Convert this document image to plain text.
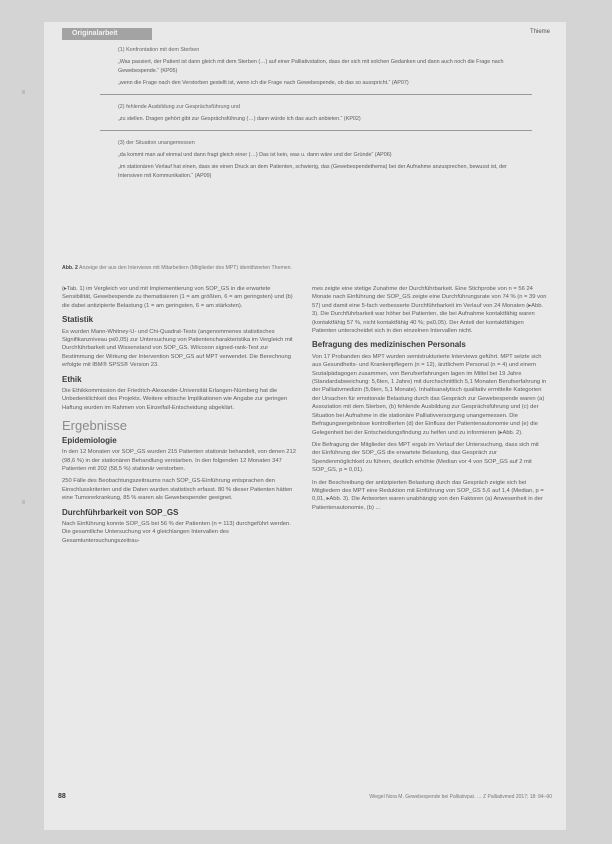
Originalarbeit	Thieme
(1) Konfrontation mit dem Sterben
„Was passiert, der Patient ist dann gleich mit dem Sterben (…) auf einer Palliativstation, dass der sich mit solchen Gedanken und dann auch noch die Frage nach Gewebespende.“ (KP05)
„wenn die Frage nach den Verstorben gestellt ist, wenn ich die Frage nach Gewebespende, ob das so ausspricht.“ (AP07)
(2) fehlende Ausbildung zur Gesprächsführung und
„zu stellen. Dragen gehört gibt zur Gesprächsführung (…) dann würde ich das auch anbieten.“ (KP02)
(3) der Situation unangemessen
„da kommt man auf einmal und dann fragt gleich einer (…) Das ist kein, was u. dann wäre und der Gründe“ (AP06)
„im stationären Verlauf hat einen, dass sie einen Druck an dem Patienten, schwierig, das (Gewebespendethema) bei der Aufnahme anzusprechen, bewusst ist, der Intensiven mit Kommunikation.“ (AP09)
Abb. 2 Anzeige der aus den Interviews mit Mitarbeitern (Mitglieder des MPT) identifizierten Themen.

(▸Tab. 1) im Vergleich vor und mit Implementierung von SOP_GS in die erwartete Sensibilität, Gewebespende zu thematisieren (1 = am größten, 6 = am geringsten) und (b) die dabei antizipierte Belastung (1 = am geringsten, 6 = am stärksten).

Statistik

Es wurden Mann-Whitney-U- und Chi-Quadrat-Tests (angenommenes statistisches Signifikanzniveau p≤0,05) zur Untersuchung von Patientencharakteristika im Vergleich mit Durchführbarkeit und Wissenstand von SOP_GS. Wilcoxon signed-rank-Test zur Bestimmung der Wirkung der Intervention SOP_GS auf MPT verwendet. Die Berechnung erfolgte mit IBM® SPSS® Version 23.

Ethik

Die Ethikkommission der Friedrich-Alexander-Universität Erlangen-Nürnberg hat die Unbedenklichkeit des Projekts. Weitere ethische Implikationen wie Angabe zur geringen Haftung wurden im Rahmen von Einzelfall-Entscheidung abgeklärt.

Ergebnisse
Epidemiologie

In den 12 Monaten vor SOP_GS wurden 215 Patienten stationär behandelt, von denen 212 (98,6 %) in der stationären Behandlung verstarben. In den folgenden 12 Monaten 347 Patienten mit 202 (58,5 %) stationär verstorben.

250 Fälle des Beobachtungszeitraums nach SOP_GS-Einführung entsprachen den Einschlusskriterien und die Daten wurden statistisch erfasst. 80 % dieser Patienten hätten eine Tumorerkrankung, 85 % waren als Gewebespender geeignet.

Durchführbarkeit von SOP_GS

Nach Einführung konnte SOP_GS bei 56 % der Patienten (n = 113) durchgeführt werden. Die gesamtliche Untersuchung vor 4 gleichlangen Intervallen des Gesamtuntersuchungszeitrau-

mes zeigte eine stetige Zunahme der Durchführbarkeit. Eine Stichprobe von n = 56 24 Monate nach Einführung der SOP_GS zeigte eine Durchführungsrate von 74 % (n = 39 von 57) und damit eine 5-fach verbesserte Durchführbarkeit im Verlauf von 24 Monaten (▸Abb. 3). Die Durchführbarkeit war höher bei Patienten, die bei Aufnahme kontaktfähig waren (kontaktfähig 57 %, nicht kontaktfähig 40 %; p≤0,05). Der Anteil der kontaktfähigen Patienten unterscheidet sich in den einzelnen Intervallen nicht.

Befragung des medizinischen Personals

Von 17 Probanden des MPT wurden semistrukturierte Interviews geführt. MPT setzte sich aus Gesundheits- und Krankenpflegern (n = 12), ärztlichem Personal (n = 4) und einem Sozialpädagogen zusammen, von Berufserfahrungen lagen im Mittel bei 19 Jahre (Standardabweichung: 5,6ten, 1 Jahre) mit durchschnittlich 5,1 Monaten Berufserfahrung in der Palliativmedizin (5,6ten, 5,1 Monate). Inhaltsanalytisch qualitativ ermittelte Kategorien der Ursachen für emotionale Belastung durch das Gespräch zur Gewebespende waren (a) Assoziation mit dem Sterben, (b) fehlende Ausbildung zur Gesprächsführung und (c) der Situation bei Aufnahme in die stationäre Palliativversorgung unangemessen. Die Befragungsergebnisse kontrollierten (d) der Einfluss der Patientenautonomie und (e) die Gelegenheit bei der Entscheidungsfindung zu helfen und zu informieren (▸Abb. 2).

Die Befragung der Mitglieder des MPT ergab im Verlauf der Untersuchung, dass sich mit der Einführung der SOP_GS die erwartete Belastung, das Gespräch zur Spendenmöglichkeit zu führen, deutlich erhöhte (Median vor 4 von SOP_GS auf 2 mit SOP_GS, p = 0,01).

In der Beschreibung der antizipierten Belastung durch das Gespräch zeigte sich bei Mitgliedern des MPT eine Reduktion mit Einführung von SOP_GS 5,6 auf 1,4 (Median, p = 0,01, ▸Abb. 3). Die Antworten waren unabhängig von den Faktoren (a) Anwesenheit in der Patientenautonomie, (b) ...

88	Wiegel Nora M. Gewebespende bei Palliativpat. … Z Palliativmed 2017; 18: 84–90
